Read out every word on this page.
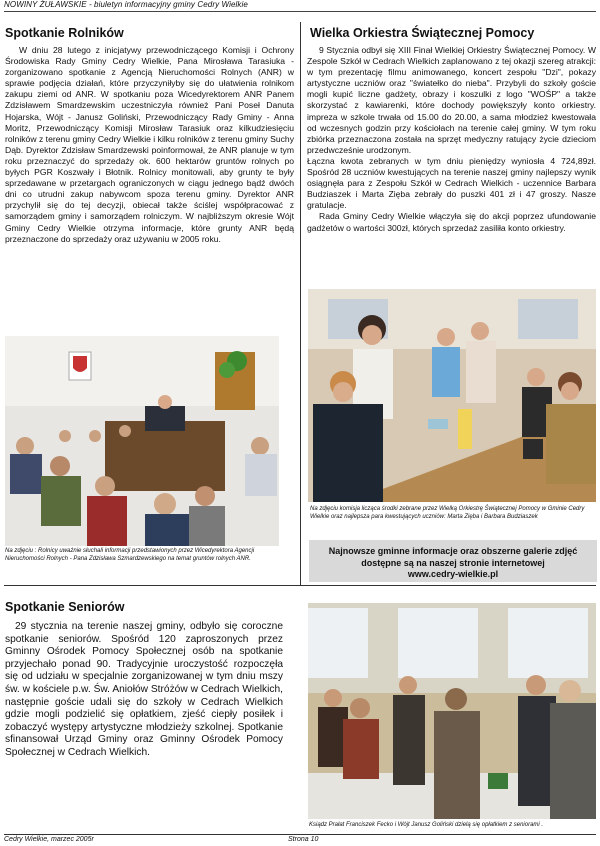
NOWINY ŻUŁAWSKIE - biuletyn informacyjny gminy Cedry Wielkie
Spotkanie Rolników

W dniu 28 lutego z inicjatywy przewodniczącego Komisji i Ochrony Środowiska Rady Gminy Cedry Wielkie, Pana Mirosława Tarasiuka - zorganizowano spotkanie z Agencją Nieruchomości Rolnych (ANR) w sprawie podjęcia działań, które przyczyniłyby się do ułatwienia rolnikom zakupu ziemi od ANR. W spotkaniu poza Wicedyrektorem ANR Panem Zdzisławem Smardzewskim uczestniczyła również Pani Poseł Danuta Hojarska, Wójt - Janusz Goliński, Przewodniczący Rady Gminy - Anna Moritz, Przewodniczący Komisji Mirosław Tarasiuk oraz kilkudziesięciu rolników z terenu gminy Cedry Wielkie i kilku rolników z terenu gminy Suchy Dąb. Dyrektor Zdzisław Smardzewski poinformował, że ANR planuje w tym roku przeznaczyć do sprzedaży ok. 600 hektarów gruntów rolnych po byłych PGR Koszwały i Błotnik. Rolnicy monitowali, aby grunty te były sprzedawane w przetargach ograniczonych w ciągu jednego bądź dwóch dni co utrudni zakup nabywcom spoza terenu gminy. Dyrektor ANR przychylił się do tej decyzji, obiecał także ściślej współpracować z samorządem gminy i samorządem rolniczym. W najbliższym okresie Wójt Gminy Cedry Wielkie otrzyma informacje, które grunty ANR będą przeznaczone do sprzedaży oraz używaniu w 2005 roku.

Na zdjęciu : Rolnicy uważnie słuchali informacji przedstawionych przez Wicedyrektora Agencji Nieruchomości Rolnych - Pana Zdzisława Szmardzewskiego na temat gruntów rolnych ANR.
Wielka Orkiestra Świątecznej Pomocy

9 Stycznia odbył się XIII Finał Wielkiej Orkiestry Świątecznej Pomocy. W Zespole Szkół w Cedrach Wielkich zaplanowano z tej okazji szereg atrakcji: w tym prezentację filmu animowanego, koncert zespołu "Dzi", pokazy artystyczne uczniów oraz "światełko do nieba". Przybyli do szkoły goście mogli kupić liczne gadżety, obrazy i koszulki z logo "WOŚP" a także skorzystać z kawiarenki, które dochody powiększyły konto orkiestry. impreza w szkole trwała od 15.00 do 20.00, a sama młodzież kwestowała od wczesnych godzin przy kościołach na terenie całej gminy. W tym roku zbiórka przeznaczona została na sprzęt medyczny ratujący życie dzieciom przedwcześnie urodzonym.

Łączna kwota zebranych w tym dniu pieniędzy wyniosła 4 724,89zł. Spośród 28 uczniów kwestujących na terenie naszej gminy najlepszy wynik osiągnęła para z Zespołu Szkół w Cedrach Wielkich - uczennice Barbara Budziaszek i Marta Zięba zebrały do puszki 401 zł i 47 groszy. Nasze gratulacje.

Rada Gminy Cedry Wielkie włączyła się do akcji poprzez ufundowanie gadżetów o wartości 300zł, których sprzedaż zasiliła konto orkiestry.

Na zdjęciu komisja licząca środki zebrane przez Wielką Orkiestrę Świątecznej Pomocy w Gminie Cedry Wielkie oraz najlepsza para kwestujących uczniów: Marta Zięba i Barbara Budziaszek
Najnowsze gminne informacje oraz obszerne galerie zdjęć
dostępne są na naszej stronie internetowej
www.cedry-wielkie.pl
Spotkanie Seniorów

29 stycznia na terenie naszej gminy, odbyło się coroczne spotkanie seniorów. Spośród 120 zaproszonych przez Gminny Ośrodek Pomocy Społecznej osób na spotkanie przyjechało ponad 90. Tradycyjnie uroczystość rozpoczęła się od udziału w specjalnie zorganizowanej w tym dniu mszy św. w kościele p.w. Św. Aniołów Stróżów w Cedrach Wielkich, następnie goście udali się do szkoły w Cedrach Wielkich gdzie mogli podzielić się opłatkiem, zjeść ciepły posiłek i zobaczyć występy artystyczne młodzieży szkolnej. Spotkanie sfinansował Urząd Gminy oraz Gminny Ośrodek Pomocy Społecznej w Cedrach Wielkich.

Ksiądz Prałat Franciszek Fecko i Wójt Janusz Goliński dzielą się opłatkiem z seniorami .
Cedry Wielkie, marzec 2005r	Strona 10
